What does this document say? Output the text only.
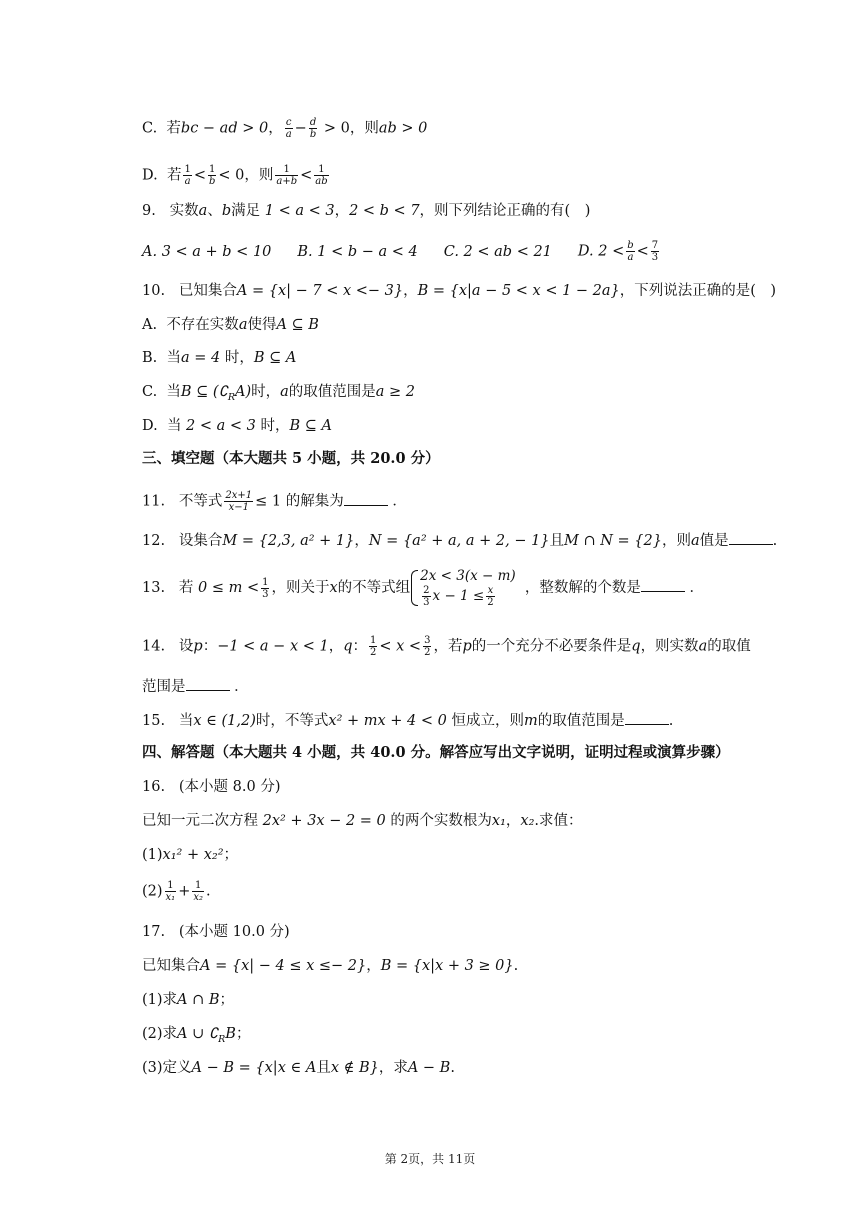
C. 若bc − ad > 0， $\frac{c}{a} - \frac{d}{b} > 0$，则ab > 0
D. 若 $\frac{1}{a} < \frac{1}{b} < 0$，则 $\frac{1}{a+b} < \frac{1}{ab}$
9. 实数a、b满足 1 < a < 3，2 < b < 7，则下列结论正确的有( )
A. 3 < a + b < 10 B. 1 < b − a < 4 C. 2 < ab < 21 D. $2 < \frac{b}{a} < \frac{7}{3}$
10. 已知集合A = {x| − 7 < x <− 3}，B = {x|a − 5 < x < 1 − 2a}，下列说法正确的是( )
A. 不存在实数a使得A ⊆ B
B. 当a = 4 时，B ⊆ A
C. 当B ⊆ $(∁_RA)$时，a的取值范围是a ≥ 2
D. 当 2 < a < 3 时，B ⊆ A
三、填空题（本大题共 5 小题，共 20.0 分）
11. 不等式 $\frac{2x+1}{x-1} \le 1$ 的解集为	．
12. 设集合M = {2,3, a² + 1}，N = {a² + a, a + 2, − 1}且M ∩ N = {2}，则a值是	.
13. 若 $0 \le m < \frac{1}{3}$ ，则关于x的不等式组
2x < 3(x − m)
$\frac{2}{3}$ $x - 1 \le \frac{x}{2}$ ，整数解的个数是	．
14. 设p：−1 < a − x < 1，q： $\frac{1}{2} < x < \frac{3}{2}$ ，若p的一个充分不必要条件是q，则实数a的取值
范围是	．
15. 当x ∈ (1,2)时，不等式x² + mx + 4 < 0 恒成立，则m的取值范围是	.
四、解答题（本大题共 4 小题，共 40.0 分。解答应写出文字说明，证明过程或演算步骤）
16. (本小题 8.0 分)
已知一元二次方程 2x² + 3x − 2 = 0 的两个实数根为x₁，x₂.求值：
(1)x₁² + x₂²；
$(2) \frac{1}{\text{x₁}} + \frac{1}{\text{x₂}}$ .
17. (本小题 10.0 分)
已知集合A = {x| − 4 ≤ x ≤− 2}，B = {x|x + 3 ≥ 0}.
(1)求A ∩ B；
(2)求A ∪ $∁_RB$；
(3)定义A − B = {x|x ∈ A且x ∉ B}，求A − B.
第 2页，共 11页
